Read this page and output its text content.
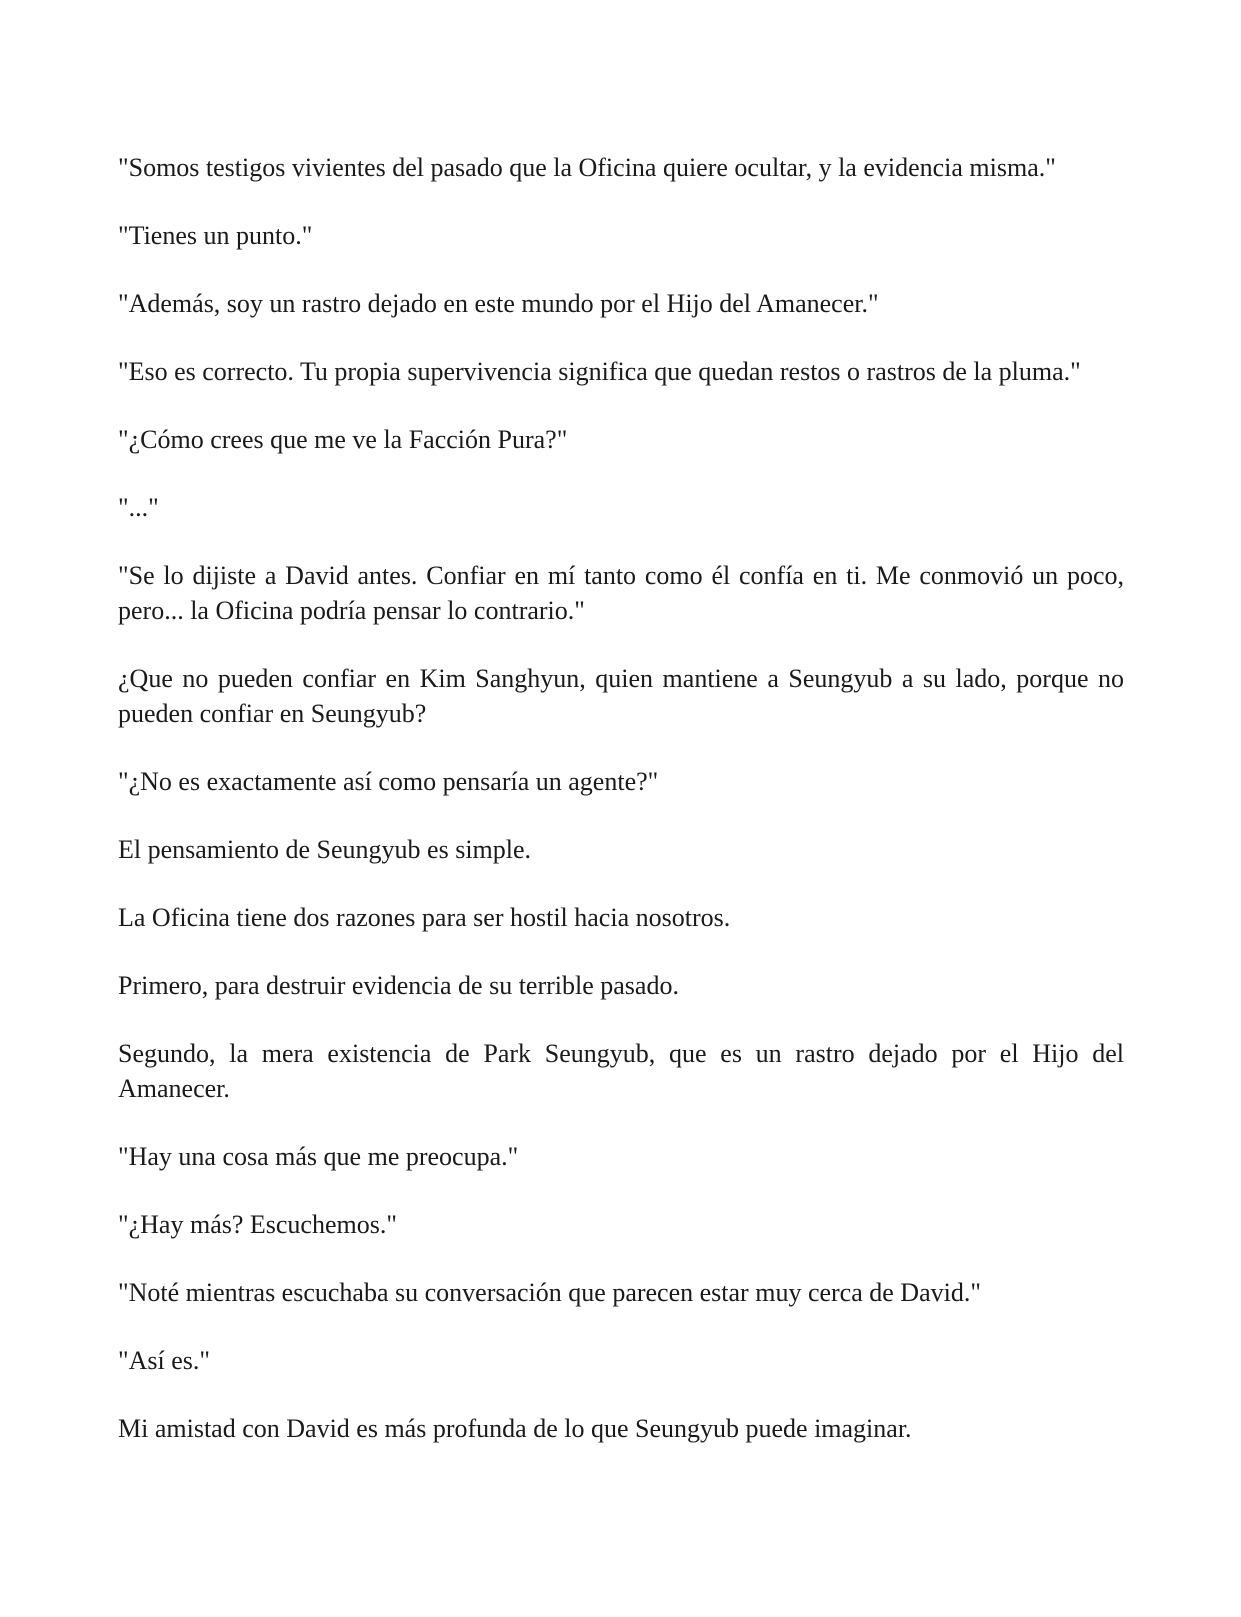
"Somos testigos vivientes del pasado que la Oficina quiere ocultar, y la evidencia misma."

"Tienes un punto."

"Además, soy un rastro dejado en este mundo por el Hijo del Amanecer."

"Eso es correcto. Tu propia supervivencia significa que quedan restos o rastros de la pluma."

"¿Cómo crees que me ve la Facción Pura?"

"..."

"Se lo dijiste a David antes. Confiar en mí tanto como él confía en ti. Me conmovió un poco, pero... la Oficina podría pensar lo contrario."

¿Que no pueden confiar en Kim Sanghyun, quien mantiene a Seungyub a su lado, porque no pueden confiar en Seungyub?

"¿No es exactamente así como pensaría un agente?"

El pensamiento de Seungyub es simple.

La Oficina tiene dos razones para ser hostil hacia nosotros.

Primero, para destruir evidencia de su terrible pasado.

Segundo, la mera existencia de Park Seungyub, que es un rastro dejado por el Hijo del Amanecer.

"Hay una cosa más que me preocupa."

"¿Hay más? Escuchemos."

"Noté mientras escuchaba su conversación que parecen estar muy cerca de David."

"Así es."

Mi amistad con David es más profunda de lo que Seungyub puede imaginar.
